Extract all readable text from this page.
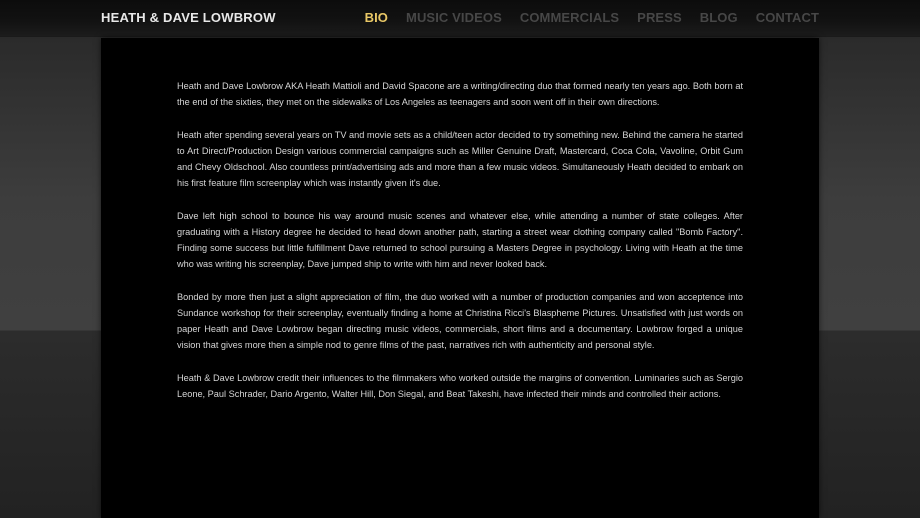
HEATH & DAVE LOWBROW	BIO MUSIC VIDEOS COMMERCIALS PRESS BLOG CONTACT

Heath and Dave Lowbrow AKA Heath Mattioli and David Spacone are a writing/directing duo that formed nearly ten years ago. Both born at the end of the sixties, they met on the sidewalks of Los Angeles as teenagers and soon went off in their own directions.

Heath after spending several years on TV and movie sets as a child/teen actor decided to try something new. Behind the camera he started to Art Direct/Production Design various commercial campaigns such as Miller Genuine Draft, Mastercard, Coca Cola, Vavoline, Orbit Gum and Chevy Oldschool. Also countless print/advertising ads and more than a few music videos. Simultaneously Heath decided to embark on his first feature film screenplay which was instantly given it's due.

Dave left high school to bounce his way around music scenes and whatever else, while attending a number of state colleges. After graduating with a History degree he decided to head down another path, starting a street wear clothing company called "Bomb Factory". Finding some success but little fulfillment Dave returned to school pursuing a Masters Degree in psychology. Living with Heath at the time who was writing his screenplay, Dave jumped ship to write with him and never looked back.

Bonded by more then just a slight appreciation of film, the duo worked with a number of production companies and won acceptence into Sundance workshop for their screenplay, eventually finding a home at Christina Ricci's Blaspheme Pictures. Unsatisfied with just words on paper Heath and Dave Lowbrow began directing music videos, commercials, short films and a documentary. Lowbrow forged a unique vision that gives more then a simple nod to genre films of the past, narratives rich with authenticity and personal style.

Heath & Dave Lowbrow credit their influences to the filmmakers who worked outside the margins of convention. Luminaries such as Sergio Leone, Paul Schrader, Dario Argento, Walter Hill, Don Siegal, and Beat Takeshi, have infected their minds and controlled their actions.
